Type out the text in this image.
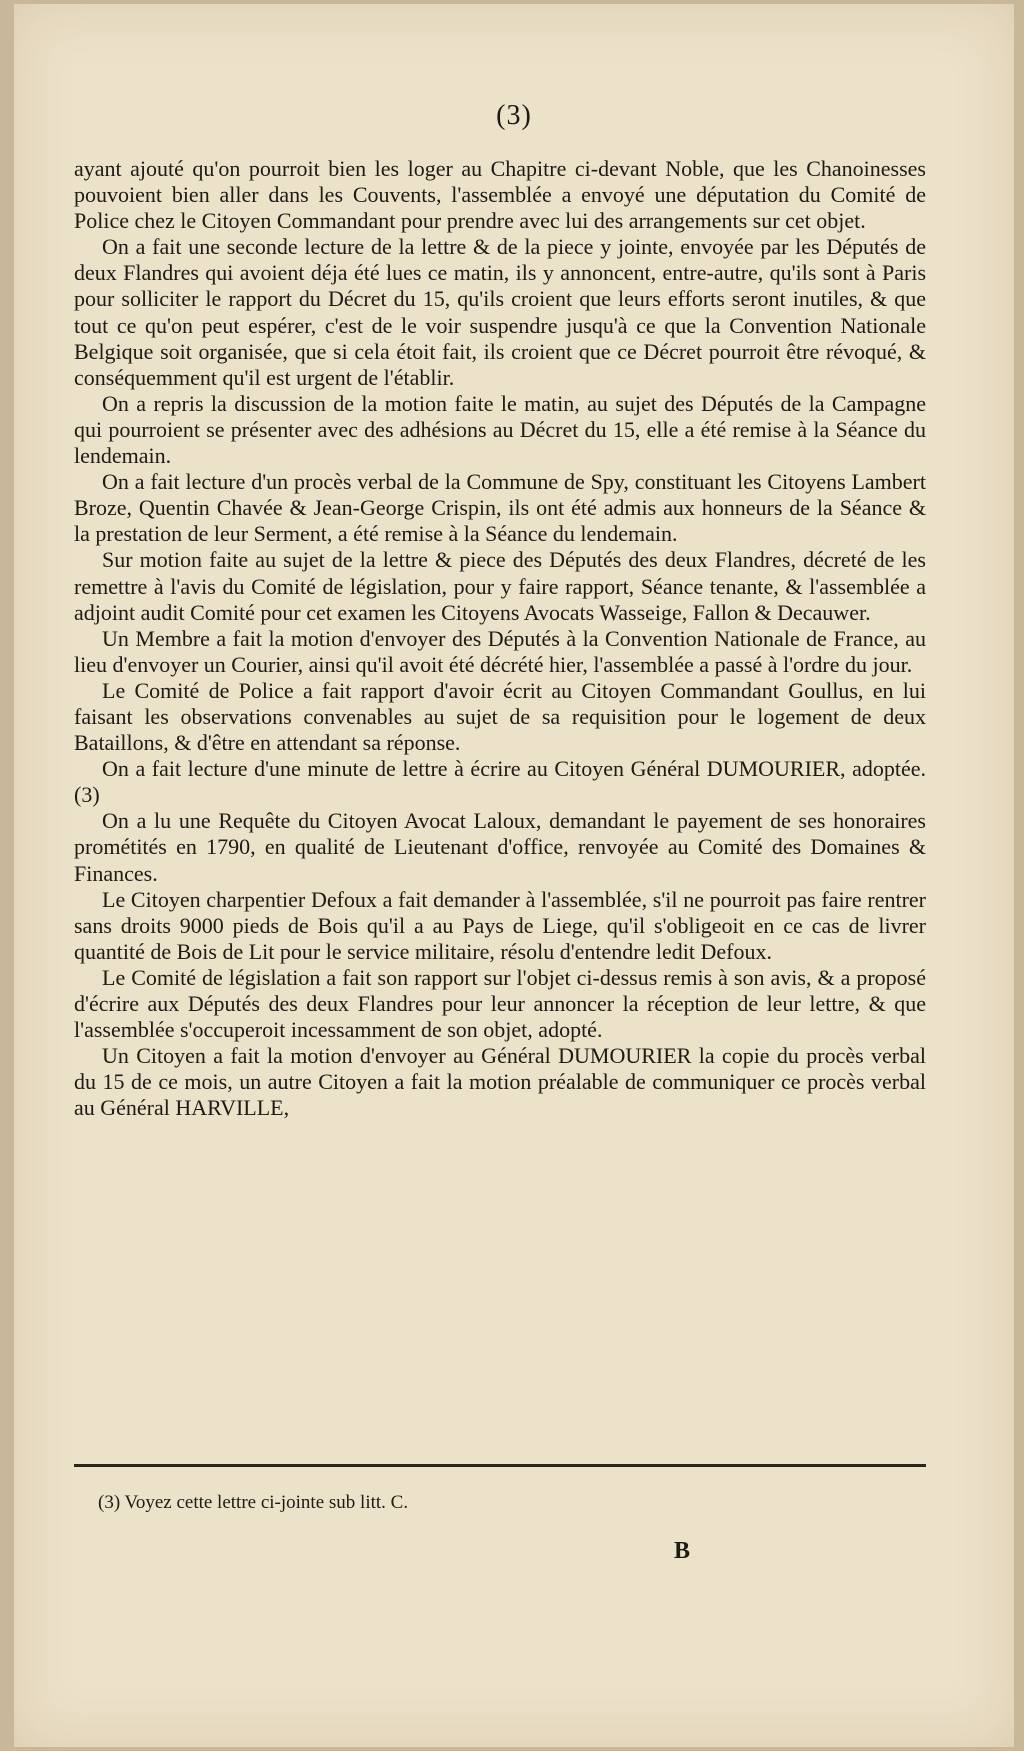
(3)

ayant ajouté qu'on pourroit bien les loger au Chapitre ci-devant Noble, que les Chanoinesses pouvoient bien aller dans les Couvents, l'assemblée a envoyé une députation du Comité de Police chez le Citoyen Commandant pour prendre avec lui des arrangements sur cet objet.

On a fait une seconde lecture de la lettre & de la piece y jointe, envoyée par les Députés de deux Flandres qui avoient déja été lues ce matin, ils y annoncent, entre-autre, qu'ils sont à Paris pour solliciter le rapport du Décret du 15, qu'ils croient que leurs efforts seront inutiles, & que tout ce qu'on peut espérer, c'est de le voir suspendre jusqu'à ce que la Convention Nationale Belgique soit organisée, que si cela étoit fait, ils croient que ce Décret pourroit être révoqué, & conséquemment qu'il est urgent de l'établir.

On a repris la discussion de la motion faite le matin, au sujet des Députés de la Campagne qui pourroient se présenter avec des adhésions au Décret du 15, elle a été remise à la Séance du lendemain.

On a fait lecture d'un procès verbal de la Commune de Spy, constituant les Citoyens Lambert Broze, Quentin Chavée & Jean-George Crispin, ils ont été admis aux honneurs de la Séance & la prestation de leur Serment, a été remise à la Séance du lendemain.

Sur motion faite au sujet de la lettre & piece des Députés des deux Flandres, décreté de les remettre à l'avis du Comité de législation, pour y faire rapport, Séance tenante, & l'assemblée a adjoint audit Comité pour cet examen les Citoyens Avocats Wasseige, Fallon & Decauwer.

Un Membre a fait la motion d'envoyer des Députés à la Convention Nationale de France, au lieu d'envoyer un Courier, ainsi qu'il avoit été décrété hier, l'assemblée a passé à l'ordre du jour.

Le Comité de Police a fait rapport d'avoir écrit au Citoyen Commandant Goullus, en lui faisant les observations convenables au sujet de sa requisition pour le logement de deux Bataillons, & d'être en attendant sa réponse.

On a fait lecture d'une minute de lettre à écrire au Citoyen Général DUMOURIER, adoptée. (3)

On a lu une Requête du Citoyen Avocat Laloux, demandant le payement de ses honoraires prométités en 1790, en qualité de Lieutenant d'office, renvoyée au Comité des Domaines & Finances.

Le Citoyen charpentier Defoux a fait demander à l'assemblée, s'il ne pourroit pas faire rentrer sans droits 9000 pieds de Bois qu'il a au Pays de Liege, qu'il s'obligeoit en ce cas de livrer quantité de Bois de Lit pour le service militaire, résolu d'entendre ledit Defoux.

Le Comité de législation a fait son rapport sur l'objet ci-dessus remis à son avis, & a proposé d'écrire aux Députés des deux Flandres pour leur annoncer la réception de leur lettre, & que l'assemblée s'occuperoit incessamment de son objet, adopté.

Un Citoyen a fait la motion d'envoyer au Général DUMOURIER la copie du procès verbal du 15 de ce mois, un autre Citoyen a fait la motion préalable de communiquer ce procès verbal au Général HARVILLE,

(3) Voyez cette lettre ci-jointe sub litt. C.
B
